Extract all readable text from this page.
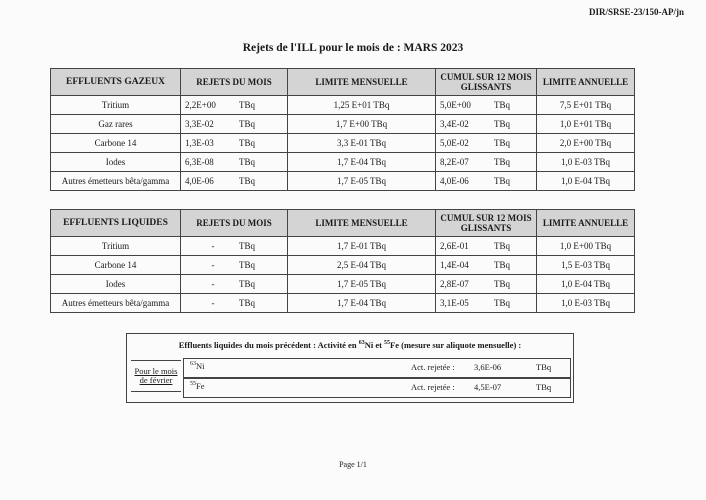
DIR/SRSE-23/150-AP/jn
Rejets de l'ILL pour le mois de : MARS 2023
EFFLUENTS GAZEUX	REJETS DU MOIS	LIMITE MENSUELLE	CUMUL SUR 12 MOIS GLISSANTS	LIMITE ANNUELLE
Tritium	2,2E+00 TBq	1,25 E+01 TBq	5,0E+00 TBq	7,5 E+01 TBq
Gaz rares	3,3E-02 TBq	1,7 E+00 TBq	3,4E-02 TBq	1,0 E+01 TBq
Carbone 14	1,3E-03 TBq	3,3 E-01 TBq	5,0E-02 TBq	2,0 E+00 TBq
Iodes	6,3E-08 TBq	1,7 E-04 TBq	8,2E-07 TBq	1,0 E-03 TBq
Autres émetteurs bêta/gamma	4,0E-06 TBq	1,7 E-05 TBq	4,0E-06 TBq	1,0 E-04 TBq
EFFLUENTS LIQUIDES	REJETS DU MOIS	LIMITE MENSUELLE	CUMUL SUR 12 MOIS GLISSANTS	LIMITE ANNUELLE
Tritium	- TBq	1,7 E-01 TBq	2,6E-01 TBq	1,0 E+00 TBq
Carbone 14	- TBq	2,5 E-04 TBq	1,4E-04 TBq	1,5 E-03 TBq
Iodes	- TBq	1,7 E-05 TBq	2,8E-07 TBq	1,0 E-04 TBq
Autres émetteurs bêta/gamma	- TBq	1,7 E-04 TBq	3,1E-05 TBq	1,0 E-03 TBq
Effluents liquides du mois précédent : Activité en $^{63}$Ni et $^{55}$Fe (mesure sur aliquote mensuelle) :
Pour le mois de février
$^{63}$Ni	Act. rejetée : 3,6E-06	TBq
$^{55}$Fe	Act. rejetée : 4,5E-07	TBq
Page 1/1
